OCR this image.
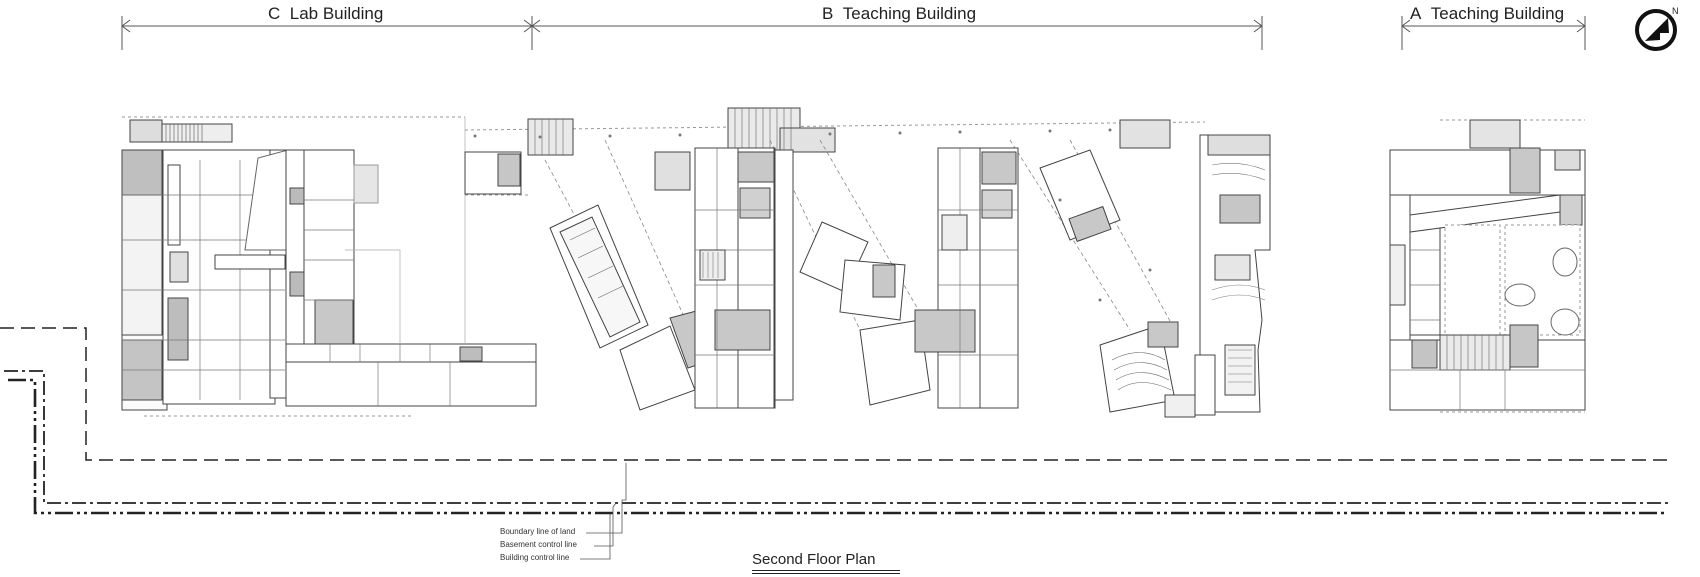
C Lab Building	B Teaching Building	A Teaching Building	N
Boundary line of land
Basement control line
Building control line	Second Floor Plan
